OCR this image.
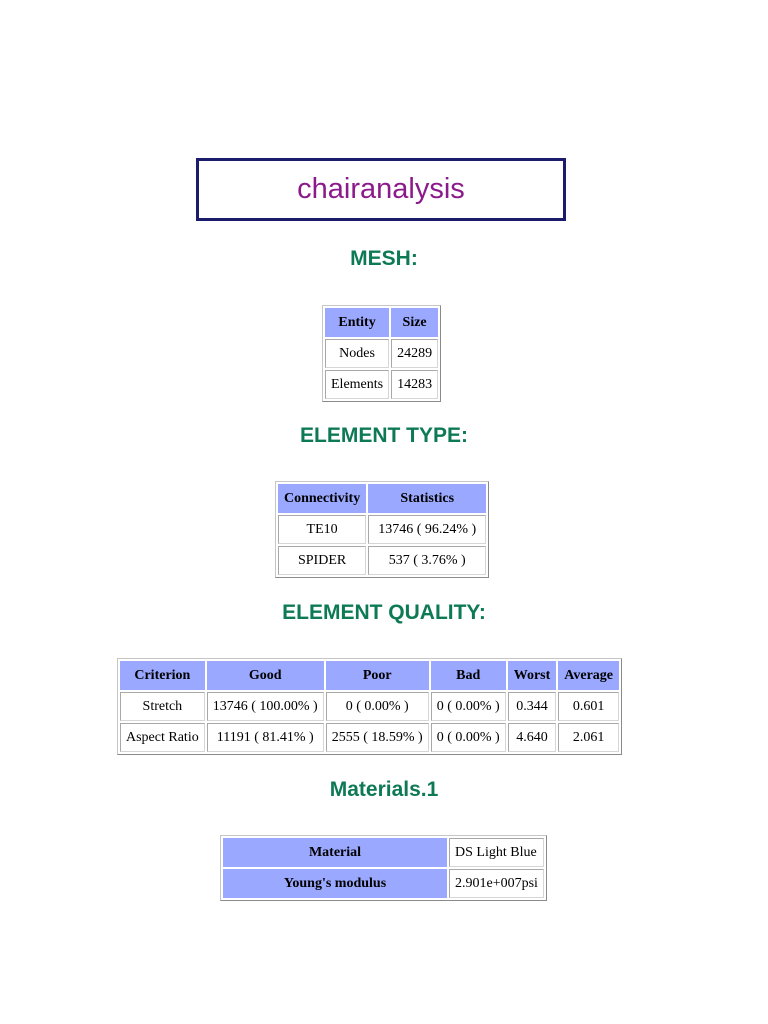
chairanalysis
MESH:
Entity	Size
Nodes	24289
Elements	14283
ELEMENT TYPE:
Connectivity	Statistics
TE10	13746 ( 96.24% )
SPIDER	537 ( 3.76% )
ELEMENT QUALITY:
Criterion	Good	Poor	Bad	Worst	Average
Stretch	13746 ( 100.00% )	0 ( 0.00% )	0 ( 0.00% )	0.344	0.601
Aspect Ratio	11191 ( 81.41% )	2555 ( 18.59% )	0 ( 0.00% )	4.640	2.061
Materials.1
Material	DS Light Blue
Young's modulus	2.901e+007psi
